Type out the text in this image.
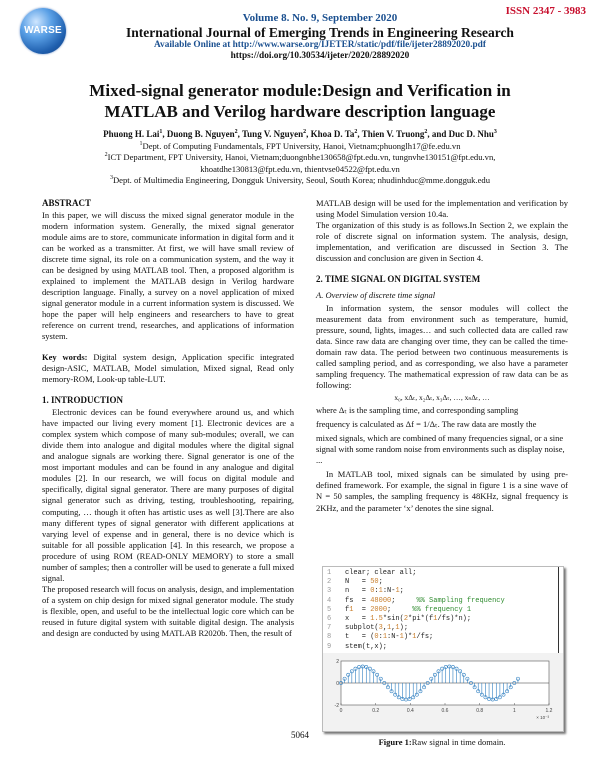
ISSN 2347 - 3983
WARSE
Volume 8. No. 9, September 2020
International Journal of Emerging Trends in Engineering Research
Available Online at http://www.warse.org/IJETER/static/pdf/file/ijeter28892020.pdf
https://doi.org/10.30534/ijeter/2020/28892020
Mixed-signal generator module:Design and Verification in
MATLAB and Verilog hardware description language
Phuong H. Lai$^1$, Duong B. Nguyen$^2$, Tung V. Nguyen$^2$, Khoa D. Ta$^2$, Thien V. Truong$^2$, and Duc D. Nhu$^3$
$^1$Dept. of Computing Fundamentals, FPT University, Hanoi, Vietnam;phuonglh17@fe.edu.vn
$^2$ICT Department, FPT University, Hanoi, Vietnam;duongnbhe130658@fpt.edu.vn, tungnvhe130151@fpt.edu.vn,
khoatdhe130813@fpt.edu.vn, thientvse04522@fpt.edu.vn
$^3$Dept. of Multimedia Engineering, Dongguk University, Seoul, South Korea; nhudinhduc@mme.dongguk.edu
ABSTRACT

In this paper, we will discuss the mixed signal generator module in the modern information system. Generally, the mixed signal generator module aims are to store, communicate information in digital form and it can be worked as a transmitter. At first, we will have small review of discrete time signal, its role on a communication system, and the way it can be designed by using MATLAB tool. Then, a proposed algorithm is explained to implement the MATLAB design in Verilog hardware description language. Finally, a survey on a novel application of mixed signal generator module in a current information system is discussed. We hope the paper will help engineers and researchers to have to great reference on current trend, researches, and applications of information system.

Key words: Digital system design, Application specific integrated design-ASIC, MATLAB, Model simulation, Mixed signal, Read only memory-ROM, Look-up table-LUT.

1. INTRODUCTION

Electronic devices can be found everywhere around us, and which have impacted our living every moment [1]. Electronic devices are a complex system which compose of many sub-modules; overall, we can divide them into analogue and digital modules where the digital signal and analogue signals are working there. Signal generator is one of the most important modules and can be found in any analogue and digital modules [2]. In our research, we will focus on digital module and specifically, digital signal generator. There are many purposes of digital signal generator such as driving, testing, troubleshooting, repairing, computing, … though it often has artistic uses as well [3].There are also many different types of signal generator with different applications at varying level of expense and in general, there is no device which is suitable for all possible application [4]. In this research, we propose a procedure of using ROM (READ-ONLY MEMORY) to store a small number of samples; then a controller will be used to generate a full mixed signal.

The proposed research will focus on analysis, design, and implementation of a system on chip design for mixed signal generator module. The study is flexible, open, and useful to be the intellectual logic core which can be reused in future digital system with suitable digital design. The analysis and design are conducted by using MATLAB R2020b. Then, the result of

MATLAB design will be used for the implementation and verification by using Model Simulation version 10.4a.

The organization of this study is as follows.In Section 2, we explain the role of discrete signal on information system. The analysis, design, implementation, and verification are discussed in Section 3. The discussion and conclusion are given in Section 4.

2. TIME SIGNAL ON DIGITAL SYSTEM
A. Overview of discrete time signal

In information system, the sensor modules will collect the measurement data from environment such as temperature, humid, pressure, sound, lights, images… and such collected data are called raw data. Since raw data are changing over time, they can be called the time-domain raw data. The period between two continuous measurements is called sampling period, and as corresponding, we also have a parameter sampling frequency. The mathematical expression of raw data can be as following:

x₀, xΔₜ, x₂Δₜ, x₃Δₜ, …, xₙΔₜ, …

where Δₜ is the sampling time, and corresponding sampling

frequency is calculated as Δf = 1/Δₜ. The raw data are mostly the

mixed signals, which are combined of many frequencies signal, or a sine signal with some random noise from environments such as display noise, ...

In MATLAB tool, mixed signals can be simulated by using pre-defined framework. For example, the signal in figure 1 is a sine wave of N = 50 samples, the sampling frequency is 48KHz, signal frequency is 2KHz, and the parameter ‘x’ denotes the sine signal.

1	clear; clear all;
2	N   = 50;
3	n   = 0:1:N-1;
4	fs  = 48000;     %% Sampling frequency
5	f1  = 2000;     %% frequency 1
6	x   = 1.5*sin(2*pi*(f1/fs)*n);
7	subplot(3,1,1);
8	t   = (0:1:N-1)*1/fs;
9	stem(t,x);
0	0.2	0.4	0.6	0.8	1	1.2
2
0
-2
× 10⁻³
Figure 1:Raw signal in time domain.
5064
